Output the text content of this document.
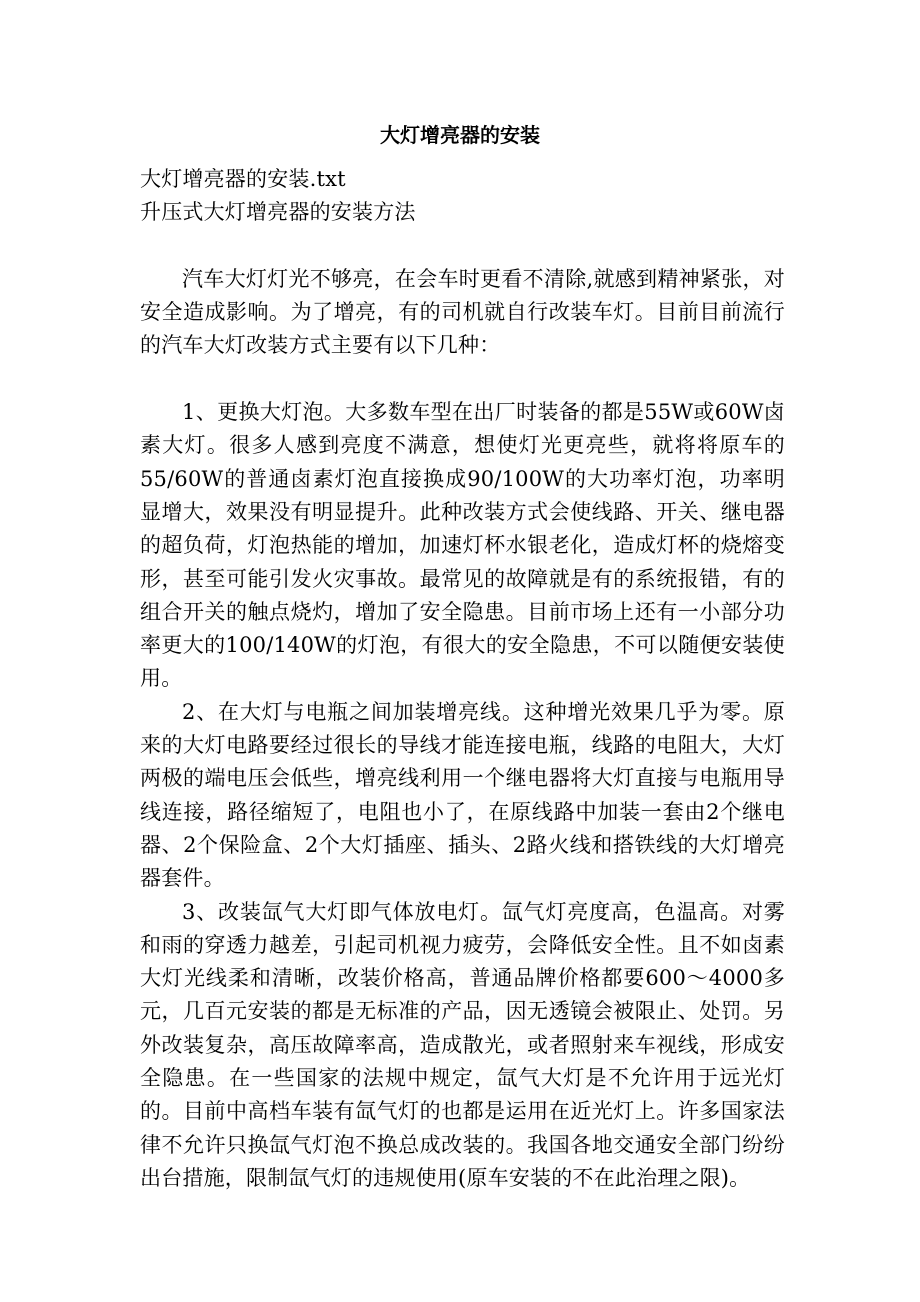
大灯增亮器的安装

大灯增亮器的安装.txt

升压式大灯增亮器的安装方法

汽车大灯灯光不够亮，在会车时更看不清除,就感到精神紧张，对安全造成影响。为了增亮，有的司机就自行改装车灯。目前目前流行的汽车大灯改装方式主要有以下几种：

1、更换大灯泡。大多数车型在出厂时装备的都是55W或60W卤素大灯。很多人感到亮度不满意，想使灯光更亮些，就将将原车的55/60W的普通卤素灯泡直接换成90/100W的大功率灯泡，功率明显增大，效果没有明显提升。此种改装方式会使线路、开关、继电器的超负荷，灯泡热能的增加，加速灯杯水银老化，造成灯杯的烧熔变形，甚至可能引发火灾事故。最常见的故障就是有的系统报错，有的组合开关的触点烧灼，增加了安全隐患。目前市场上还有一小部分功率更大的100/140W的灯泡，有很大的安全隐患，不可以随便安装使用。

2、在大灯与电瓶之间加装增亮线。这种增光效果几乎为零。原来的大灯电路要经过很长的导线才能连接电瓶，线路的电阻大，大灯两极的端电压会低些，增亮线利用一个继电器将大灯直接与电瓶用导线连接，路径缩短了，电阻也小了，在原线路中加装一套由2个继电器、2个保险盒、2个大灯插座、插头、2路火线和搭铁线的大灯增亮器套件。

3、改装氙气大灯即气体放电灯。氙气灯亮度高，色温高。对雾和雨的穿透力越差，引起司机视力疲劳，会降低安全性。且不如卤素大灯光线柔和清晰，改装价格高，普通品牌价格都要600～4000多元，几百元安装的都是无标准的产品，因无透镜会被限止、处罚。另外改装复杂，高压故障率高，造成散光，或者照射来车视线，形成安全隐患。在一些国家的法规中规定，氙气大灯是不允许用于远光灯的。目前中高档车装有氙气灯的也都是运用在近光灯上。许多国家法律不允许只换氙气灯泡不换总成改装的。我国各地交通安全部门纷纷出台措施，限制氙气灯的违规使用(原车安装的不在此治理之限)。
